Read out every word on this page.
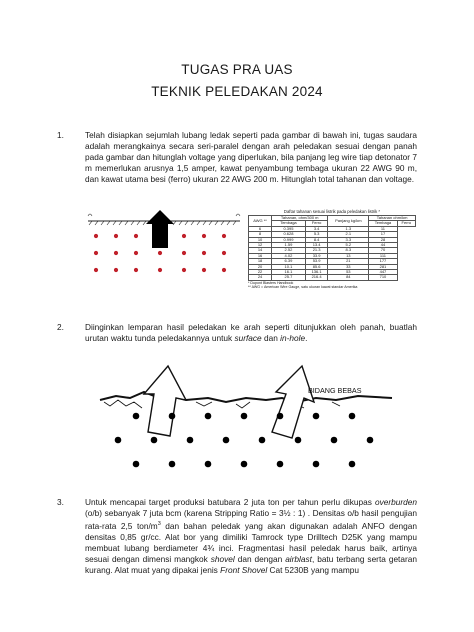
TUGAS PRA UAS
TEKNIK PELEDAKAN 2024
1.	Telah disiapkan sejumlah lubang ledak seperti pada gambar di bawah ini, tugas saudara adalah merangkainya secara seri-paralel dengan arah peledakan sesuai dengan panah pada gambar dan hitunglah voltage yang diperlukan, bila panjang leg wire tiap detonator 7 m memerlukan arusnya 1,5 amper, kawat penyambung tembaga ukuran 22 AWG 90 m, dan kawat utama besi (ferro) ukuran 22 AWG 200 m. Hitunglah total tahanan dan voltage.
Daftar tahanan sesuai listrik pada peledakan listrik *
AWG **	Tahanan, ohm/300 m		Panjang kg/km	Tahanan ohm/km	
	Tembaga	Ferro		Tembaga	Ferro
6	0.395	3.4	1.3	11	
8	0.628	5.3	2.1	17	
10	0.999	8.4	3.3	28	
12	1.59	13.4	5.2	44	
14	2.52	21.3	8.3	70	
16	4.02	33.9	13	111	
18	6.39	53.9	21	177	
20	10.1	85.6	33	281	
22	16.1	136.1	53	447	
24	25.7	216.4	84	710	
* Dupont Blasters Handbook
** AWG = American Wire Gauge, satu ukuran kawat standar Amerika
2.	Diinginkan lemparan hasil peledakan ke arah seperti ditunjukkan oleh panah, buatlah urutan waktu tunda peledakannya untuk surface dan in-hole.
BIDANG BEBAS
3.	Untuk mencapai target produksi batubara 2 juta ton per tahun perlu dikupas overburden (o/b) sebanyak 7 juta bcm (karena Stripping Ratio = 3½ : 1) . Densitas o/b hasil pengujian rata-rata 2,5 ton/$m^3$ dan bahan peledak yang akan digunakan adalah ANFO dengan densitas 0,85 gr/cc. Alat bor yang dimiliki Tamrock type Drilltech D25K yang mampu membuat lubang berdiameter 4¾ inci. Fragmentasi hasil peledak harus baik, artinya sesuai dengan dimensi mangkok shovel dan dengan airblast, batu terbang serta getaran kurang. Alat muat yang dipakai jenis Front Shovel Cat 5230B yang mampu
